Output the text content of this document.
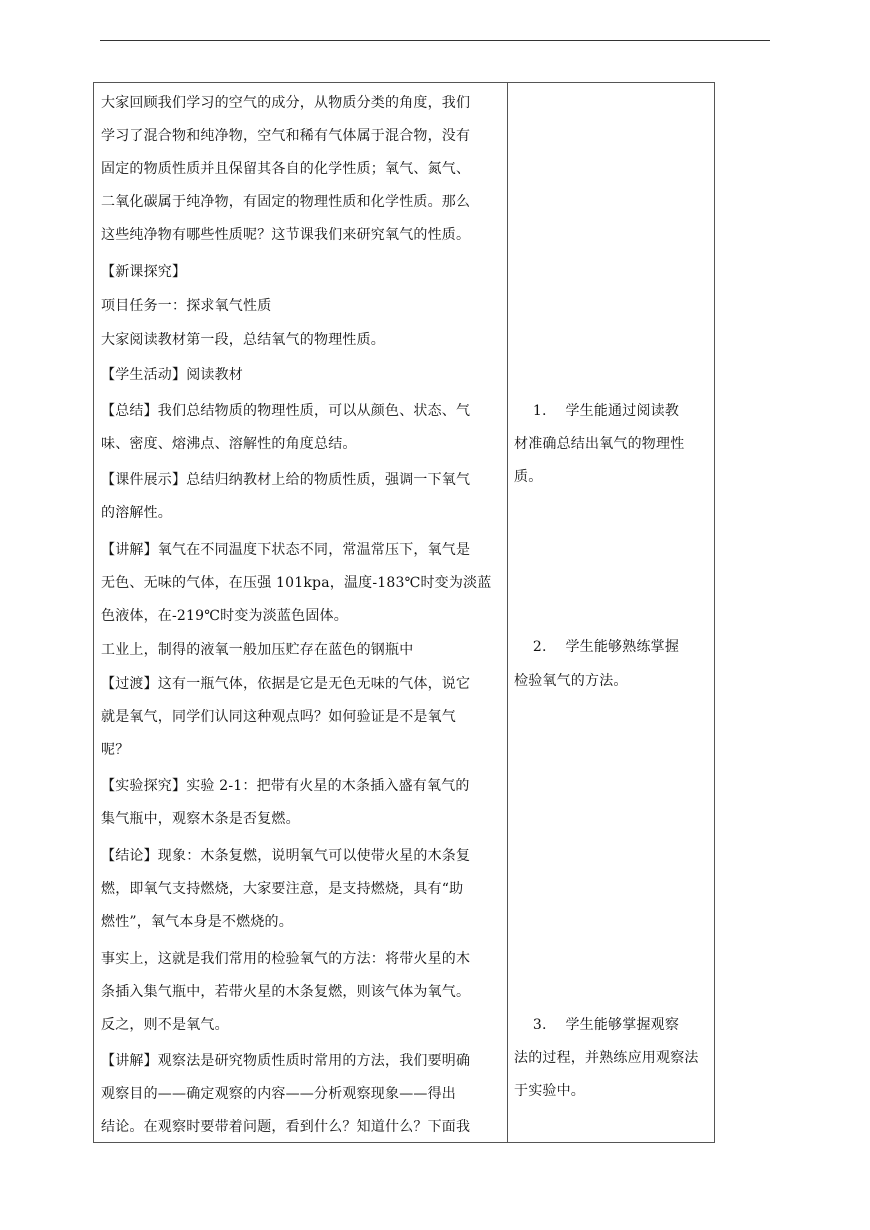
大家回顾我们学习的空气的成分，从物质分类的角度，我们

学习了混合物和纯净物，空气和稀有气体属于混合物，没有

固定的物质性质并且保留其各自的化学性质；氧气、氮气、

二氧化碳属于纯净物，有固定的物理性质和化学性质。那么

这些纯净物有哪些性质呢？这节课我们来研究氧气的性质。

【新课探究】

项目任务一：探求氧气性质

大家阅读教材第一段，总结氧气的物理性质。

【学生活动】阅读教材

【总结】我们总结物质的物理性质，可以从颜色、状态、气

味、密度、熔沸点、溶解性的角度总结。

【课件展示】总结归纳教材上给的物质性质，强调一下氧气

的溶解性。

【讲解】氧气在不同温度下状态不同，常温常压下，氧气是

无色、无味的气体，在压强 101kpa，温度-183℃时变为淡蓝

色液体，在-219℃时变为淡蓝色固体。

工业上，制得的液氧一般加压贮存在蓝色的钢瓶中

【过渡】这有一瓶气体，依据是它是无色无味的气体，说它

就是氧气，同学们认同这种观点吗？如何验证是不是氧气

呢？

【实验探究】实验 2-1：把带有火星的木条插入盛有氧气的

集气瓶中，观察木条是否复燃。

【结论】现象：木条复燃，说明氧气可以使带火星的木条复

燃，即氧气支持燃烧，大家要注意，是支持燃烧，具有“助

燃性”，氧气本身是不燃烧的。

事实上，这就是我们常用的检验氧气的方法：将带火星的木

条插入集气瓶中，若带火星的木条复燃，则该气体为氧气。

反之，则不是氧气。

【讲解】观察法是研究物质性质时常用的方法，我们要明确

观察目的——确定观察的内容——分析观察现象——得出

结论。在观察时要带着问题，看到什么？知道什么？下面我

　 1.　 学生能通过阅读教

材准确总结出氧气的物理性

质。

　 2.　 学生能够熟练掌握

检验氧气的方法。

　 3.　 学生能够掌握观察

法的过程，并熟练应用观察法

于实验中。
